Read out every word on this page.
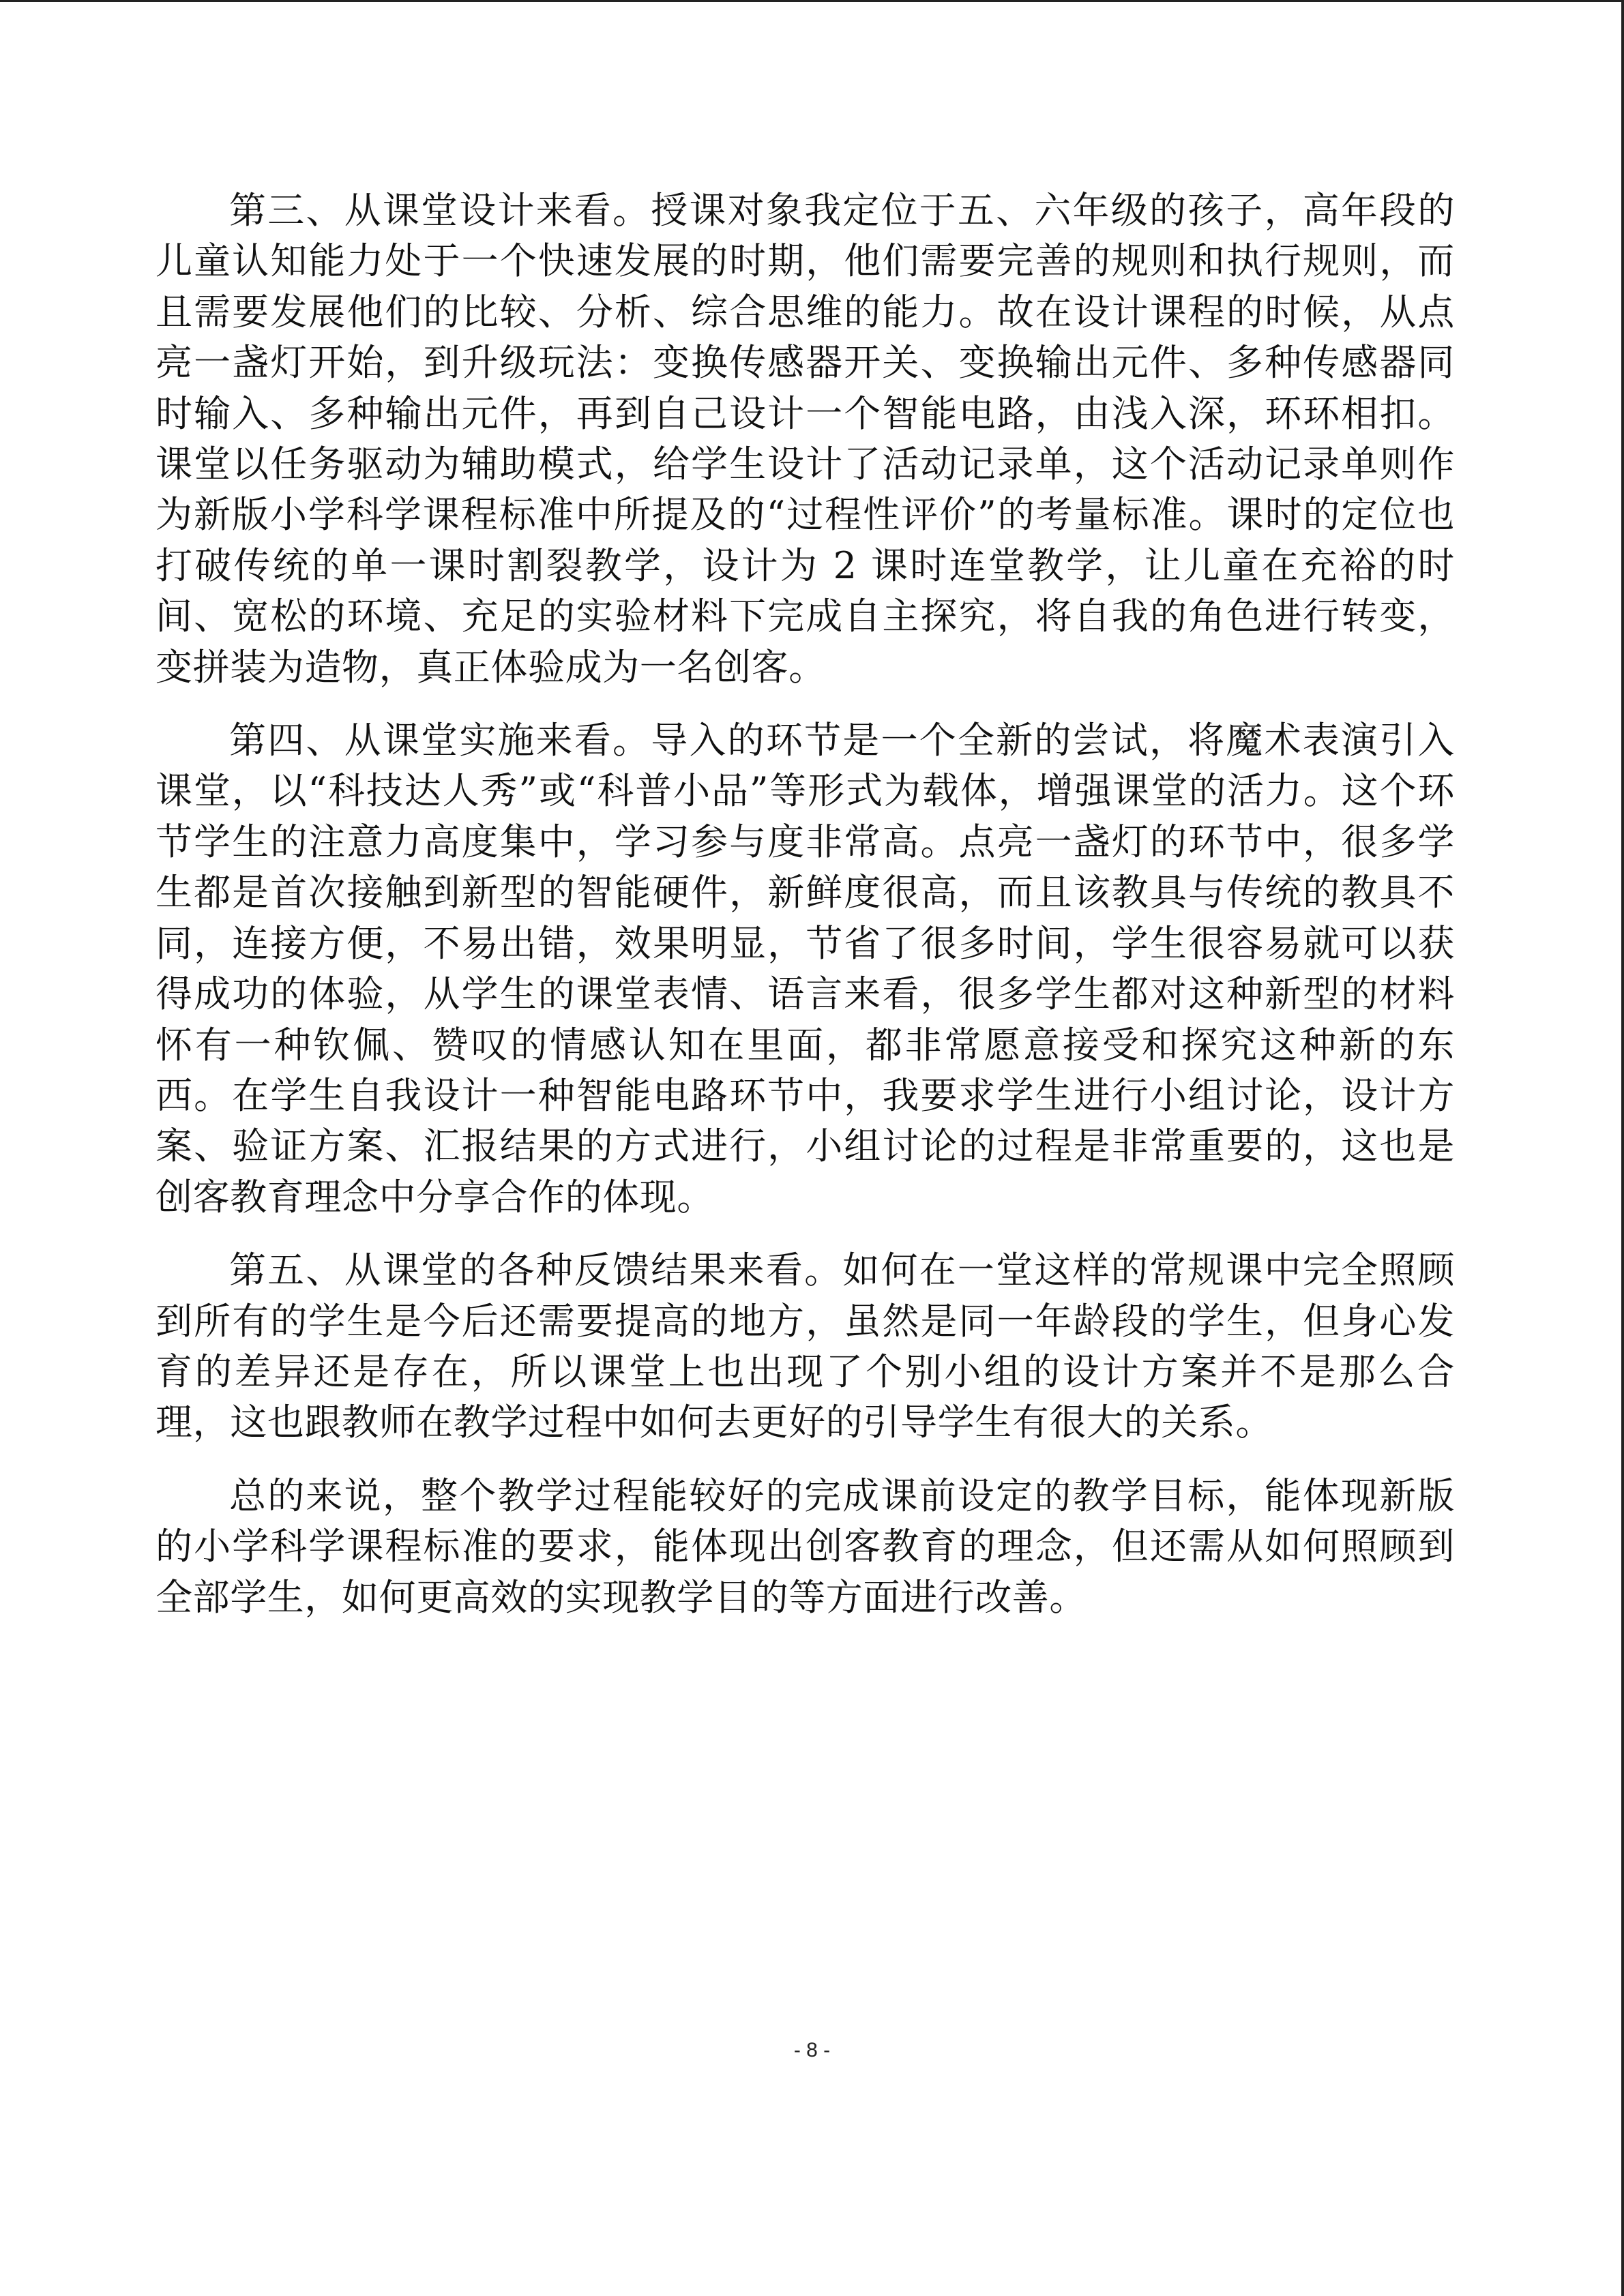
第三、从课堂设计来看。授课对象我定位于五、六年级的孩子，高年段的儿童认知能力处于一个快速发展的时期，他们需要完善的规则和执行规则，而且需要发展他们的比较、分析、综合思维的能力。故在设计课程的时候，从点亮一盏灯开始，到升级玩法：变换传感器开关、变换输出元件、多种传感器同时输入、多种输出元件，再到自己设计一个智能电路，由浅入深，环环相扣。课堂以任务驱动为辅助模式，给学生设计了活动记录单，这个活动记录单则作为新版小学科学课程标准中所提及的“过程性评价”的考量标准。课时的定位也打破传统的单一课时割裂教学，设计为 2 课时连堂教学，让儿童在充裕的时间、宽松的环境、充足的实验材料下完成自主探究，将自我的角色进行转变，变拼装为造物，真正体验成为一名创客。

第四、从课堂实施来看。导入的环节是一个全新的尝试，将魔术表演引入课堂，以“科技达人秀”或“科普小品”等形式为载体，增强课堂的活力。这个环节学生的注意力高度集中，学习参与度非常高。点亮一盏灯的环节中，很多学生都是首次接触到新型的智能硬件，新鲜度很高，而且该教具与传统的教具不同，连接方便，不易出错，效果明显，节省了很多时间，学生很容易就可以获得成功的体验，从学生的课堂表情、语言来看，很多学生都对这种新型的材料怀有一种钦佩、赞叹的情感认知在里面，都非常愿意接受和探究这种新的东西。在学生自我设计一种智能电路环节中，我要求学生进行小组讨论，设计方案、验证方案、汇报结果的方式进行，小组讨论的过程是非常重要的，这也是创客教育理念中分享合作的体现。

第五、从课堂的各种反馈结果来看。如何在一堂这样的常规课中完全照顾到所有的学生是今后还需要提高的地方，虽然是同一年龄段的学生，但身心发育的差异还是存在，所以课堂上也出现了个别小组的设计方案并不是那么合理，这也跟教师在教学过程中如何去更好的引导学生有很大的关系。

总的来说，整个教学过程能较好的完成课前设定的教学目标，能体现新版的小学科学课程标准的要求，能体现出创客教育的理念，但还需从如何照顾到全部学生，如何更高效的实现教学目的等方面进行改善。

- 8 -
